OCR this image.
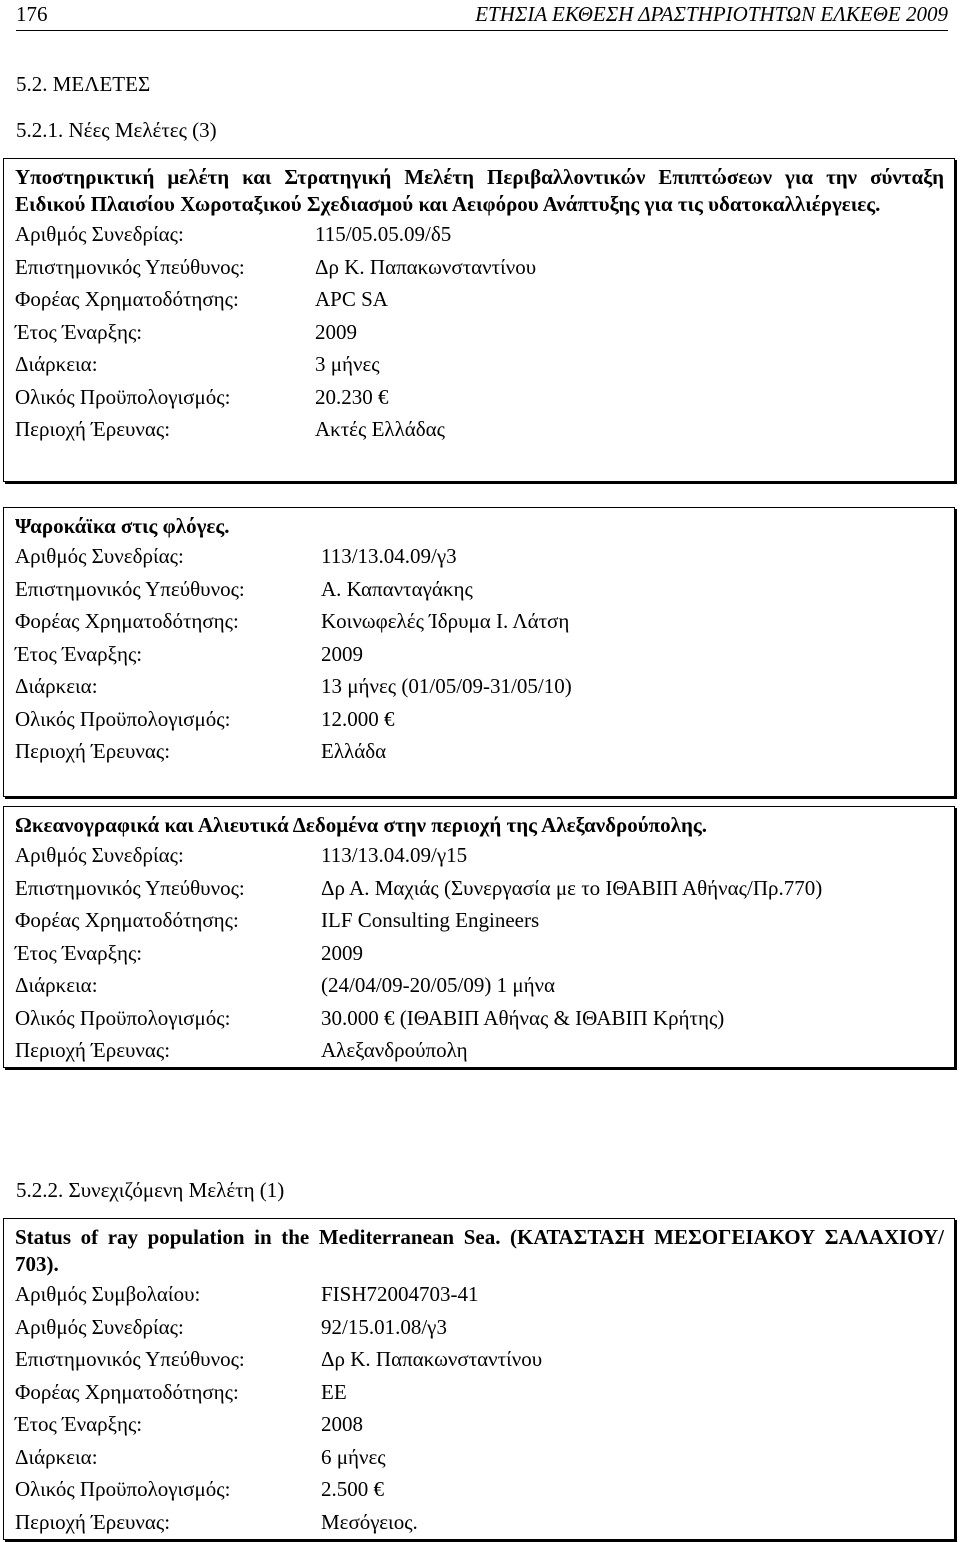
176	ΕΤΗΣΙΑ ΕΚΘΕΣΗ ΔΡΑΣΤΗΡΙΟΤΗΤΩΝ ΕΛΚΕΘΕ 2009
5.2. ΜΕΛΕΤΕΣ
5.2.1. Νέες Μελέτες (3)
Υποστηρικτική μελέτη και Στρατηγική Μελέτη Περιβαλλοντικών Επιπτώσεων για την σύνταξη Ειδικού Πλαισίου Χωροταξικού Σχεδιασμού και Αειφόρου Ανάπτυξης για τις υδατοκαλλιέργειες.
Αριθμός Συνεδρίας:	115/05.05.09/δ5
Επιστημονικός Υπεύθυνος:	Δρ Κ. Παπακωνσταντίνου
Φορέας Χρηματοδότησης:	APC SA
Έτος Έναρξης:	2009
Διάρκεια:	3 μήνες
Ολικός Προϋπολογισμός:	20.230 €
Περιοχή Έρευνας:	Ακτές Ελλάδας
Ψαροκάϊκα στις φλόγες.
Αριθμός Συνεδρίας:	113/13.04.09/γ3
Επιστημονικός Υπεύθυνος:	Α. Καπανταγάκης
Φορέας Χρηματοδότησης:	Κοινωφελές Ίδρυμα Ι. Λάτση
Έτος Έναρξης:	2009
Διάρκεια:	13 μήνες (01/05/09-31/05/10)
Ολικός Προϋπολογισμός:	12.000 €
Περιοχή Έρευνας:	Ελλάδα
Ωκεανογραφικά και Αλιευτικά Δεδομένα στην περιοχή της Αλεξανδρούπολης.
Αριθμός Συνεδρίας:	113/13.04.09/γ15
Επιστημονικός Υπεύθυνος:	Δρ Α. Μαχιάς (Συνεργασία με το ΙΘΑΒΙΠ Αθήνας/Πρ.770)
Φορέας Χρηματοδότησης:	ILF Consulting Engineers
Έτος Έναρξης:	2009
Διάρκεια:	(24/04/09-20/05/09) 1 μήνα
Ολικός Προϋπολογισμός:	30.000 € (ΙΘΑΒΙΠ Αθήνας & ΙΘΑΒΙΠ Κρήτης)
Περιοχή Έρευνας:	Αλεξανδρούπολη
5.2.2. Συνεχιζόμενη Μελέτη (1)
Status of ray population in the Mediterranean Sea. (ΚΑΤΑΣΤΑΣΗ ΜΕΣΟΓΕΙΑΚΟΥ ΣΑΛΑΧΙΟΥ/ 703).
Αριθμός Συμβολαίου:	FISH72004703-41
Αριθμός Συνεδρίας:	92/15.01.08/γ3
Επιστημονικός Υπεύθυνος:	Δρ Κ. Παπακωνσταντίνου
Φορέας Χρηματοδότησης:	ΕΕ
Έτος Έναρξης:	2008
Διάρκεια:	6 μήνες
Ολικός Προϋπολογισμός:	2.500 €
Περιοχή Έρευνας:	Μεσόγειος.
